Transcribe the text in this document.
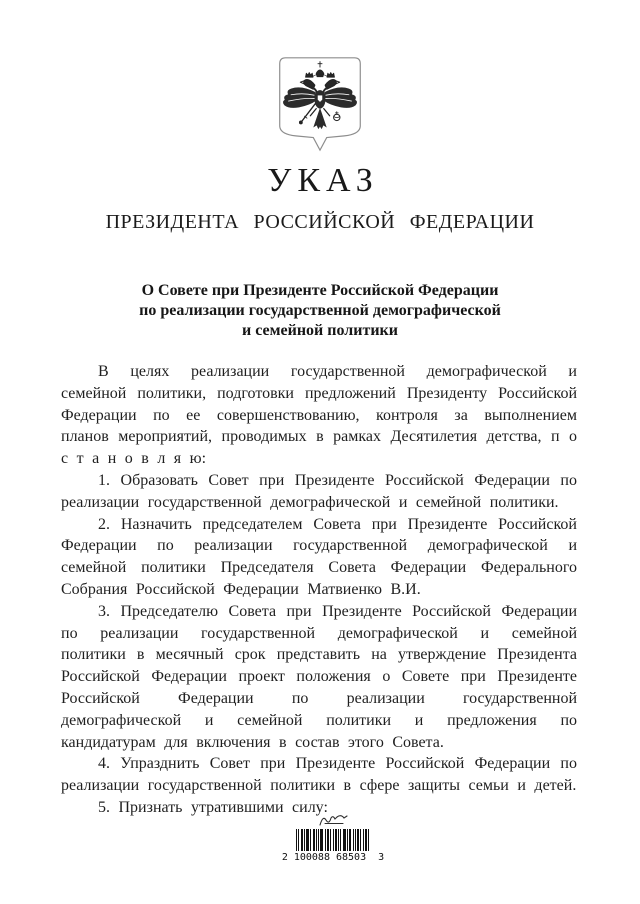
УКАЗ
ПРЕЗИДЕНТА РОССИЙСКОЙ ФЕДЕРАЦИИ
О Совете при Президенте Российской Федерации
по реализации государственной демографической
и семейной политики

В целях реализации государственной демографической и семейной политики, подготовки предложений Президенту Российской Федерации по ее совершенствованию, контроля за выполнением планов мероприятий, проводимых в рамках Десятилетия детства, п о с т а н о в л я ю:

1. Образовать Совет при Президенте Российской Федерации по реализации государственной демографической и семейной политики.

2. Назначить председателем Совета при Президенте Российской Федерации по реализации государственной демографической и семейной политики Председателя Совета Федерации Федерального Собрания Российской Федерации Матвиенко В.И.

3. Председателю Совета при Президенте Российской Федерации по реализации государственной демографической и семейной политики в месячный срок представить на утверждение Президента Российской Федерации проект положения о Совете при Президенте Российской Федерации по реализации государственной демографической и семейной политики и предложения по кандидатурам для включения в состав этого Совета.

4. Упразднить Совет при Президенте Российской Федерации по реализации государственной политики в сфере защиты семьи и детей.

5. Признать утратившими силу:

2 100088 68503  3
